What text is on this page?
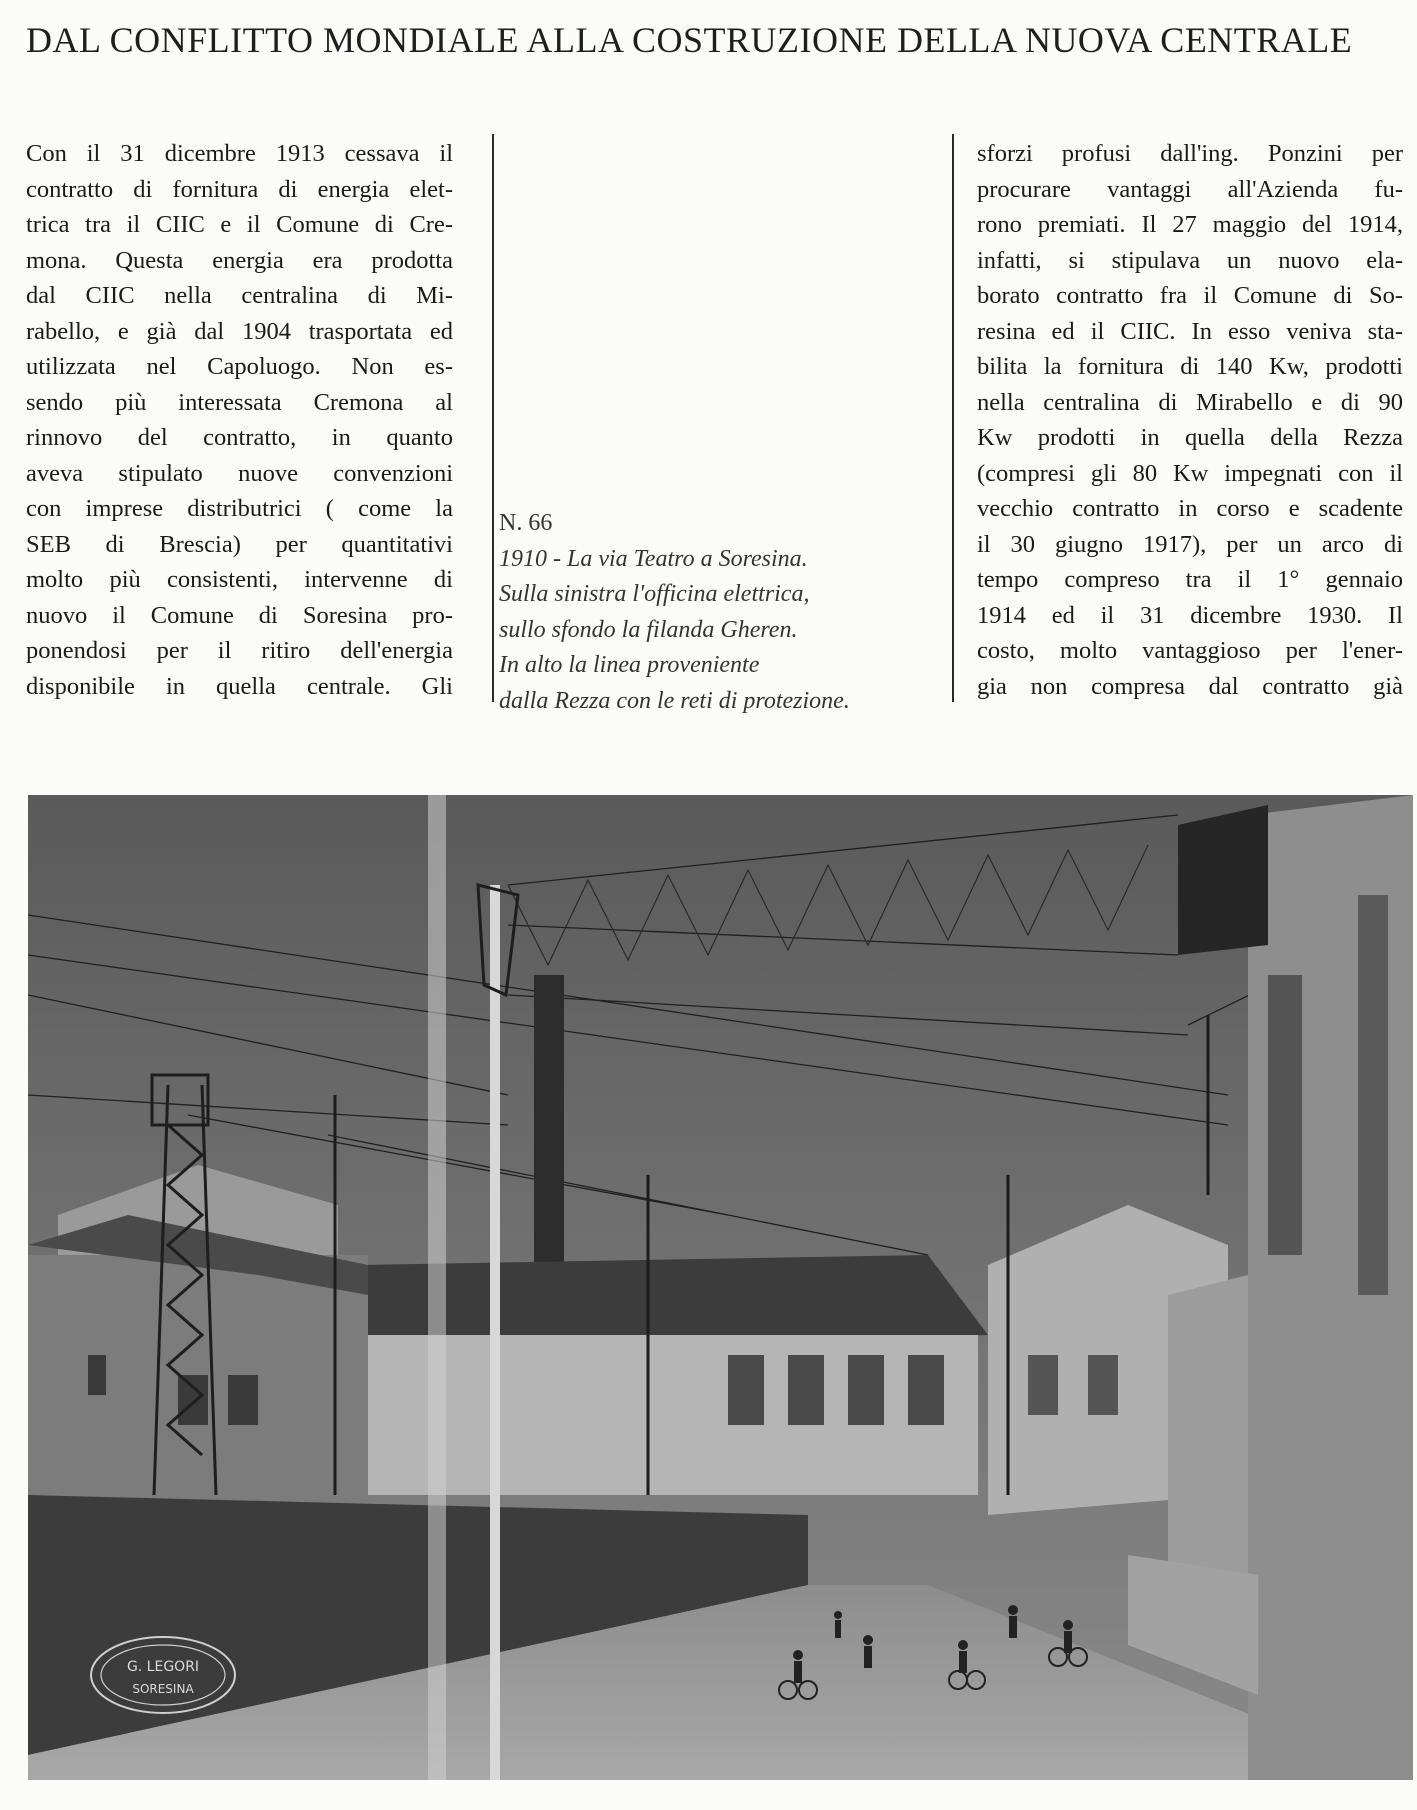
DAL CONFLITTO MONDIALE ALLA COSTRUZIONE DELLA NUOVA CENTRALE
Con il 31 dicembre 1913 cessava il
contratto di fornitura di energia elet-
trica tra il CIIC e il Comune di Cre-
mona. Questa energia era prodotta
dal CIIC nella centralina di Mi-
rabello, e già dal 1904 trasportata ed
utilizzata nel Capoluogo. Non es-
sendo più interessata Cremona al
rinnovo del contratto, in quanto
aveva stipulato nuove convenzioni
con imprese distributrici ( come la
SEB di Brescia) per quantitativi
molto più consistenti, intervenne di
nuovo il Comune di Soresina pro-
ponendosi per il ritiro dell'energia
disponibile in quella centrale. Gli
N. 66
1910 - La via Teatro a Soresina.
Sulla sinistra l'officina elettrica,
sullo sfondo la filanda Gheren.
In alto la linea proveniente
dalla Rezza con le reti di protezione.
sforzi profusi dall'ing. Ponzini per
procurare vantaggi all'Azienda fu-
rono premiati. Il 27 maggio del 1914,
infatti, si stipulava un nuovo ela-
borato contratto fra il Comune di So-
resina ed il CIIC. In esso veniva sta-
bilita la fornitura di 140 Kw, prodotti
nella centralina di Mirabello e di 90
Kw prodotti in quella della Rezza
(compresi gli 80 Kw impegnati con il
vecchio contratto in corso e scadente
il 30 giugno 1917), per un arco di
tempo compreso tra il 1° gennaio
1914 ed il 31 dicembre 1930. Il
costo, molto vantaggioso per l'ener-
gia non compresa dal contratto già
G. LEGORI
SORESINA
